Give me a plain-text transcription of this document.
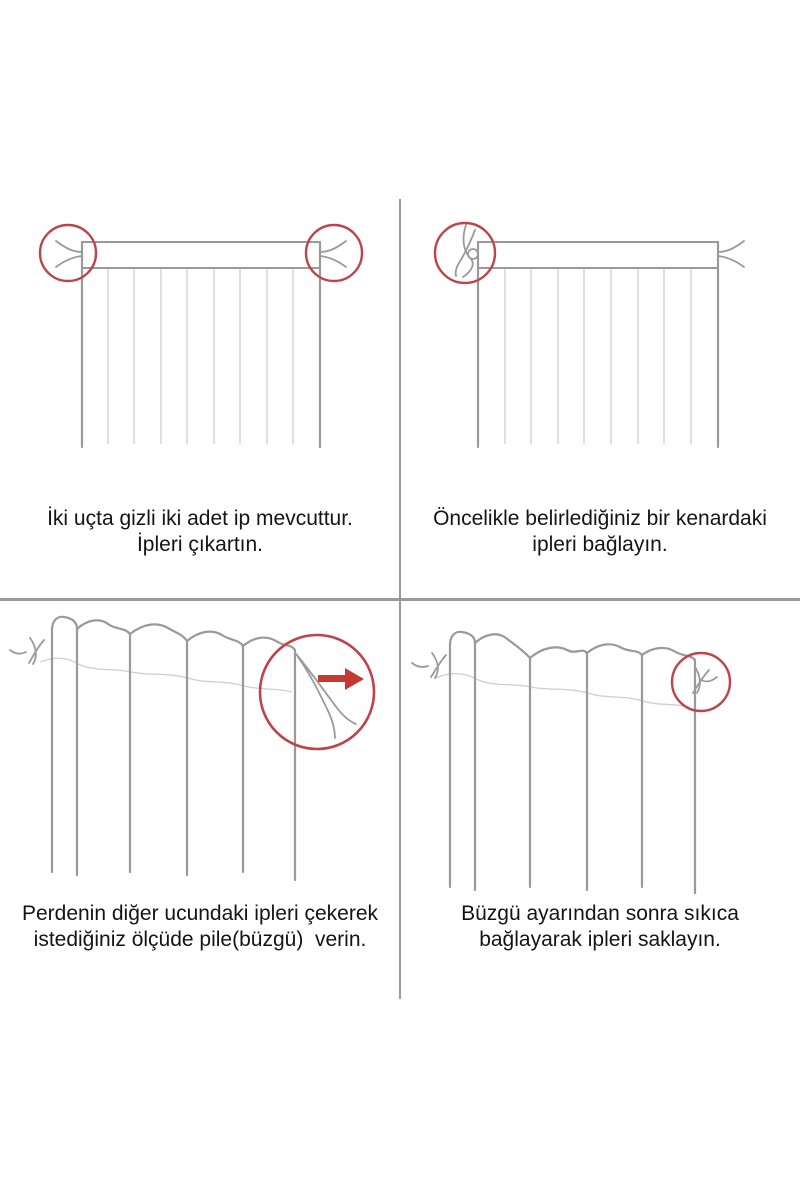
İki uçta gizli iki adet ip mevcuttur.
İpleri çıkartın.

Öncelikle belirlediğiniz bir kenardaki
ipleri bağlayın.

Perdenin diğer ucundaki ipleri çekerek
istediğiniz ölçüde pile(büzgü)  verin.

Büzgü ayarından sonra sıkıca
bağlayarak ipleri saklayın.
